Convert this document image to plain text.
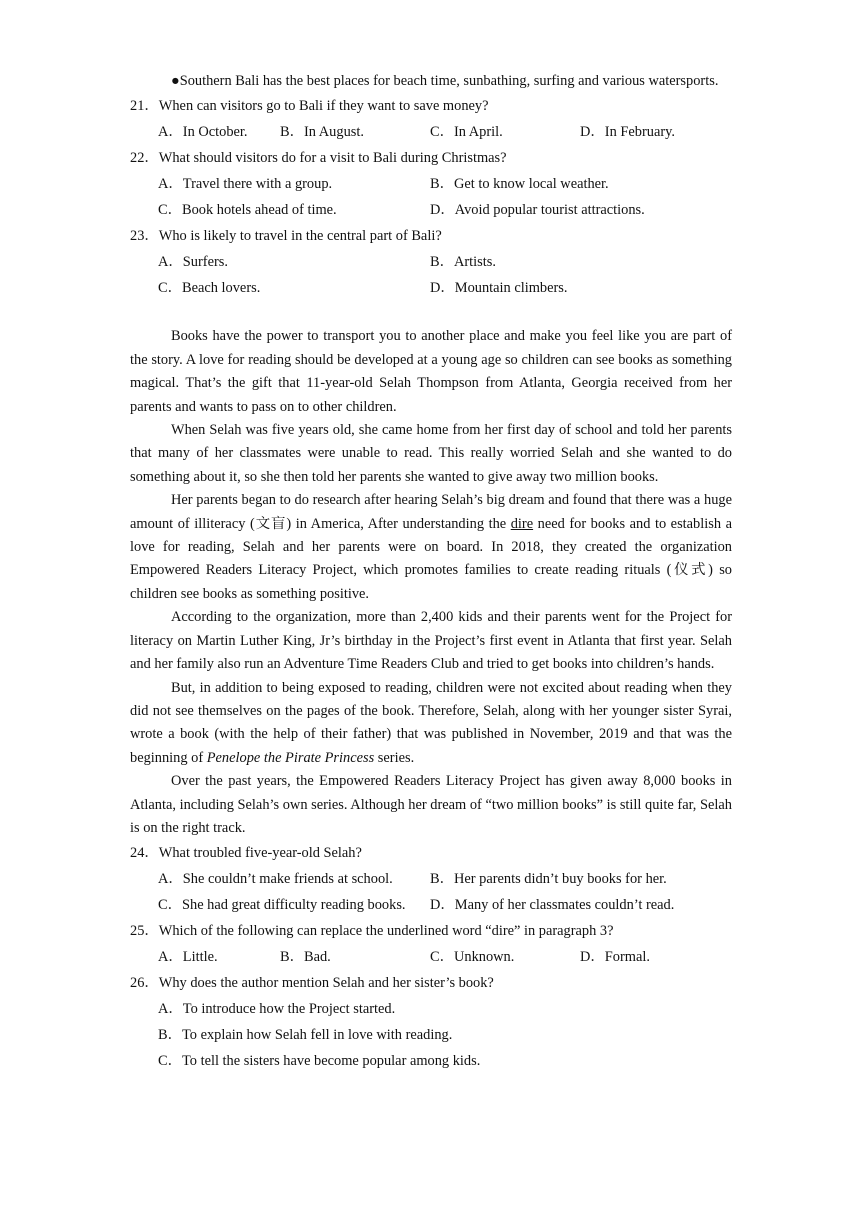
●Southern Bali has the best places for beach time, sunbathing, surfing and various watersports.

21．When can visitors go to Bali if they want to save money?

A．In October.	B．In August.	C．In April.	D．In February.

22．What should visitors do for a visit to Bali during Christmas?

A．Travel there with a group.	B．Get to know local weather.
C．Book hotels ahead of time.	D．Avoid popular tourist attractions.

23．Who is likely to travel in the central part of Bali?

A．Surfers.	B．Artists.
C．Beach lovers.	D．Mountain climbers.

Books have the power to transport you to another place and make you feel like you are part of the story. A love for reading should be developed at a young age so children can see books as something magical. That’s the gift that 11-year-old Selah Thompson from Atlanta, Georgia received from her parents and wants to pass on to other children.

When Selah was five years old, she came home from her first day of school and told her parents that many of her classmates were unable to read. This really worried Selah and she wanted to do something about it, so she then told her parents she wanted to give away two million books.

Her parents began to do research after hearing Selah’s big dream and found that there was a huge amount of illiteracy (文盲) in America, After understanding the dire need for books and to establish a love for reading, Selah and her parents were on board. In 2018, they created the organization Empowered Readers Literacy Project, which promotes families to create reading rituals (仪式) so children see books as something positive.

According to the organization, more than 2,400 kids and their parents went for the Project for literacy on Martin Luther King, Jr’s birthday in the Project’s first event in Atlanta that first year. Selah and her family also run an Adventure Time Readers Club and tried to get books into children’s hands.

But, in addition to being exposed to reading, children were not excited about reading when they did not see themselves on the pages of the book. Therefore, Selah, along with her younger sister Syrai, wrote a book (with the help of their father) that was published in November, 2019 and that was the beginning of Penelope the Pirate Princess series.

Over the past years, the Empowered Readers Literacy Project has given away 8,000 books in Atlanta, including Selah’s own series. Although her dream of “two million books” is still quite far, Selah is on the right track.

24．What troubled five-year-old Selah?

A．She couldn’t make friends at school.	B．Her parents didn’t buy books for her.
C．She had great difficulty reading books.	D．Many of her classmates couldn’t read.

25．Which of the following can replace the underlined word “dire” in paragraph 3?

A．Little.	B．Bad.	C．Unknown.	D．Formal.

26．Why does the author mention Selah and her sister’s book?

A．To introduce how the Project started.
B．To explain how Selah fell in love with reading.
C．To tell the sisters have become popular among kids.
